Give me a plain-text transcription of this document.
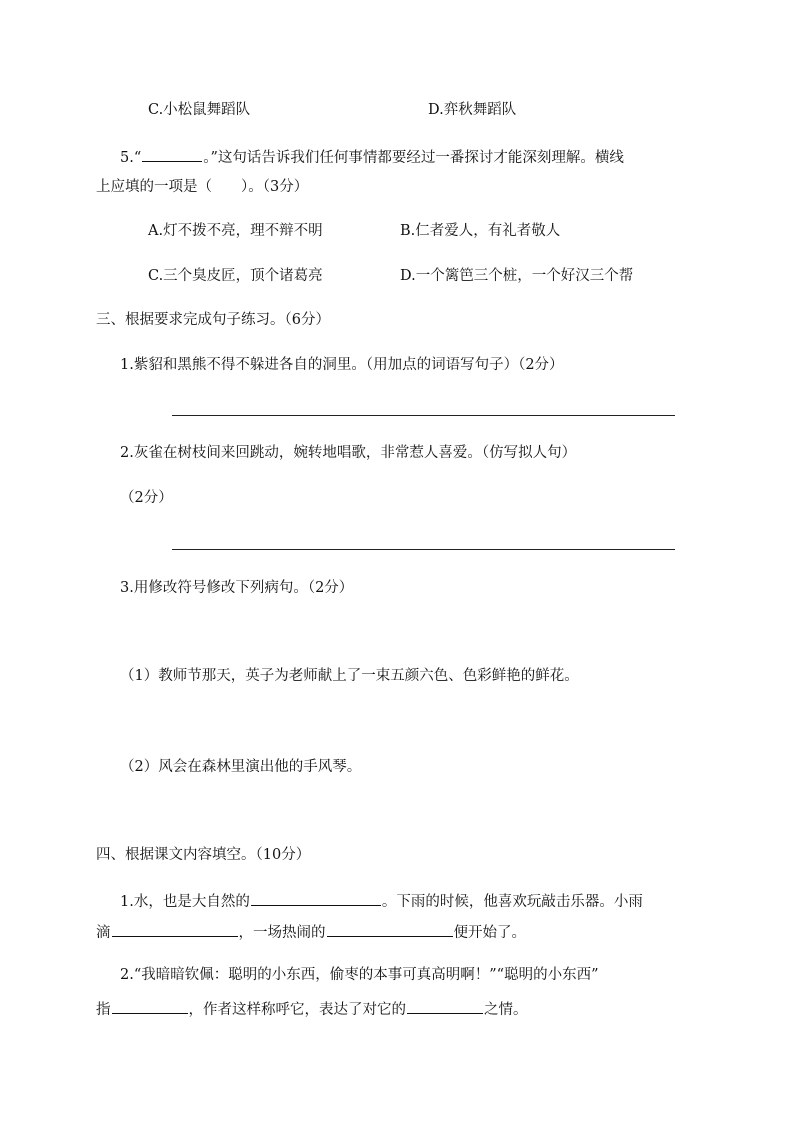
C.小松鼠舞蹈队	D.弈秋舞蹈队
5.“	。”这句话告诉我们任何事情都要经过一番探讨才能深刻理解。横线
上应填的一项是（　　）。（3分）
A.灯不拨不亮，理不辩不明	B.仁者爱人，有礼者敬人
C.三个臭皮匠，顶个诸葛亮	D.一个篱笆三个桩，一个好汉三个帮
三、根据要求完成句子练习。（6分）
1.紫貂和黑熊不得不躲进各自的洞里。（用加点的词语写句子）（2分）
2.灰雀在树枝间来回跳动，婉转地唱歌，非常惹人喜爱。（仿写拟人句）
（2分）
3.用修改符号修改下列病句。（2分）
（1）教师节那天，英子为老师献上了一束五颜六色、色彩鲜艳的鲜花。
（2）风会在森林里演出他的手风琴。
四、根据课文内容填空。（10分）
1.水，也是大自然的	。下雨的时候，他喜欢玩敲击乐器。小雨
滴	，一场热闹的	便开始了。
2.“我暗暗钦佩：聪明的小东西，偷枣的本事可真高明啊！”“聪明的小东西”
指	，作者这样称呼它，表达了对它的	之情。
